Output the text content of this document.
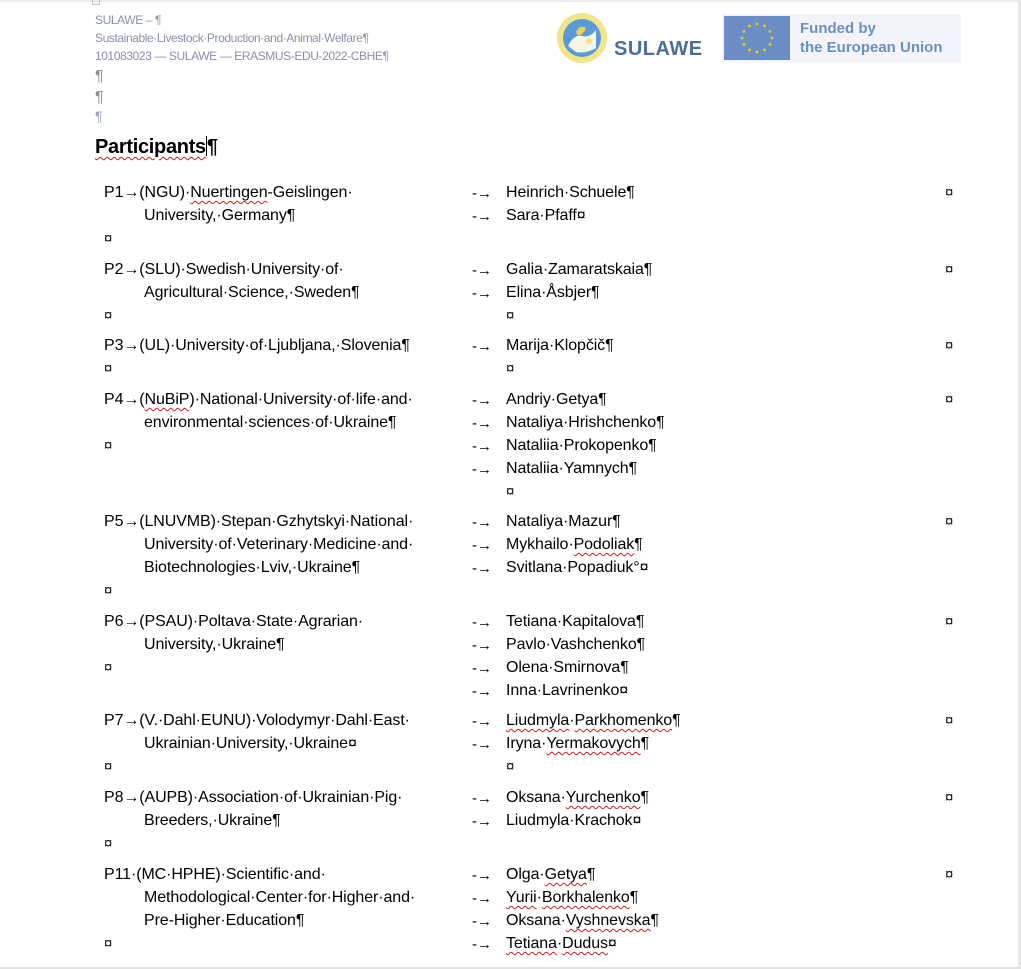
SULAWE – ¶
Sustainable·Livestock·Production·and·Animal·Welfare¶
101083023 — SULAWE — ERASMUS-EDU-2022-CBHE¶
¶
¶
¶
SULAWE
Funded by
the European Union
Participants¶
P1→(NGU)·Nuertingen-Geislingen·
University,·Germany¶
¤
-→ Heinrich·Schuele¶
-→ Sara·Pfaff¤
¤
P2→(SLU)·Swedish·University·of·
Agricultural·Science,·Sweden¶
¤
-→ Galia·Zamaratskaia¶
-→ Elina·Åsbjer¶
¤
¤
P3→(UL)·University·of·Ljubljana,·Slovenia¶
¤
-→ Marija·Klopčič¶
¤
¤
P4→(NuBiP)·National·University·of·life·and·
environmental·sciences·of·Ukraine¶
¤
-→ Andriy·Getya¶
-→ Nataliya·Hrishchenko¶
-→ Nataliia·Prokopenko¶
-→ Nataliia·Yamnych¶
¤
¤
P5→(LNUVMB)·Stepan·Gzhytskyi·National·
University·of·Veterinary·Medicine·and·
Biotechnologies·Lviv,·Ukraine¶
¤
-→ Nataliya·Mazur¶
-→ Mykhailo·Podoliak¶
-→ Svitlana·Popadiuk°¤
¤
P6→(PSAU)·Poltava·State·Agrarian·
University,·Ukraine¶
¤
-→ Tetiana·Kapitalova¶
-→ Pavlo·Vashchenko¶
-→ Olena·Smirnova¶
-→ Inna·Lavrinenko¤
¤
P7→(V.·Dahl·EUNU)·Volodymyr·Dahl·East·
Ukrainian·University,·Ukraine¤
¤
-→ Liudmyla·Parkhomenko¶
-→ Iryna·Yermakovych¶
¤
¤
P8→(AUPB)·Association·of·Ukrainian·Pig·
Breeders,·Ukraine¶
¤
-→ Oksana·Yurchenko¶
-→ Liudmyla·Krachok¤
¤
P11·(MC·HPHE)·Scientific·and·
Methodological·Center·for·Higher·and·
Pre-Higher·Education¶
¤
-→ Olga·Getya¶
-→ Yurii·Borkhalenko¶
-→ Oksana·Vyshnevska¶
-→ Tetiana·Dudus¤
¤
